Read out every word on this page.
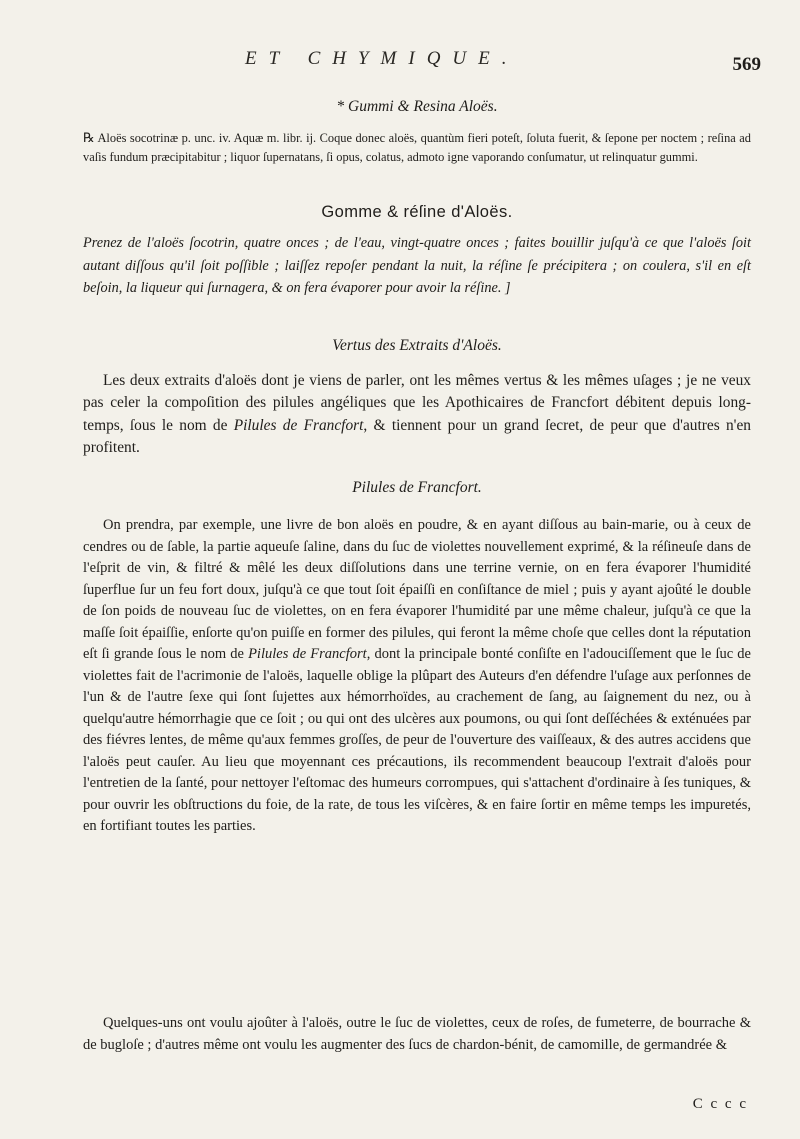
ET CHYMIQUE.	569
* Gummi & Resina Aloës.
℞ Aloës socotrinæ p. unc. iv. Aquæ m. libr. ij. Coque donec aloës, quantùm fieri poteſt, ſoluta fuerit, & ſepone per noctem ; reſina ad vaſis fundum præcipitabitur ; liquor ſupernatans, ſi opus, colatus, admoto igne vaporando conſumatur, ut relinquatur gummi.
Gomme & réſine d'Aloës.
Prenez de l'aloës ſocotrin, quatre onces ; de l'eau, vingt-quatre onces ; faites bouillir juſqu'à ce que l'aloës ſoit autant diſſous qu'il ſoit poſſible ; laiſſez repoſer pendant la nuit, la réſine ſe précipitera ; on coulera, s'il en eſt beſoin, la liqueur qui ſurnagera, & on fera évaporer pour avoir la réſine. ]
Vertus des Extraits d'Aloës.
Les deux extraits d'aloës dont je viens de parler, ont les mêmes vertus & les mêmes uſages ; je ne veux pas celer la compoſition des pilules angéliques que les Apothicaires de Francfort débitent depuis long-temps, ſous le nom de Pilules de Francfort, & tiennent pour un grand ſecret, de peur que d'autres n'en profitent.
Pilules de Francfort.
On prendra, par exemple, une livre de bon aloës en poudre, & en ayant diſſous au bain-marie, ou à ceux de cendres ou de ſable, la partie aqueuſe ſaline, dans du ſuc de violettes nouvellement exprimé, & la réſineuſe dans de l'eſprit de vin, & filtré & mêlé les deux diſſolutions dans une terrine vernie, on en fera évaporer l'humidité ſuperflue ſur un feu fort doux, juſqu'à ce que tout ſoit épaiſſi en conſiſtance de miel ; puis y ayant ajoûté le double de ſon poids de nouveau ſuc de violettes, on en fera évaporer l'humidité par une même chaleur, juſqu'à ce que la maſſe ſoit épaiſſie, enſorte qu'on puiſſe en former des pilules, qui feront la même choſe que celles dont la réputation eſt ſi grande ſous le nom de Pilules de Francfort, dont la principale bonté conſiſte en l'adouciſſement que le ſuc de violettes fait de l'acrimonie de l'aloës, laquelle oblige la plûpart des Auteurs d'en défendre l'uſage aux perſonnes de l'un & de l'autre ſexe qui ſont ſujettes aux hémorrhoïdes, au crachement de ſang, au ſaignement du nez, ou à quelqu'autre hémorrhagie que ce ſoit ; ou qui ont des ulcères aux poumons, ou qui ſont deſſéchées & exténuées par des fiévres lentes, de même qu'aux femmes groſſes, de peur de l'ouverture des vaiſſeaux, & des autres accidens que l'aloës peut cauſer. Au lieu que moyennant ces précautions, ils recommendent beaucoup l'extrait d'aloës pour l'entretien de la ſanté, pour nettoyer l'eſtomac des humeurs corrompues, qui s'attachent d'ordinaire à ſes tuniques, & pour ouvrir les obſtructions du foie, de la rate, de tous les viſcères, & en faire ſortir en même temps les impuretés, en fortifiant toutes les parties.
Quelques-uns ont voulu ajoûter à l'aloës, outre le ſuc de violettes, ceux de roſes, de fumeterre, de bourrache & de bugloſe ; d'autres même ont voulu les augmenter des ſucs de chardon-bénit, de camomille, de germandrée &
C c c c
